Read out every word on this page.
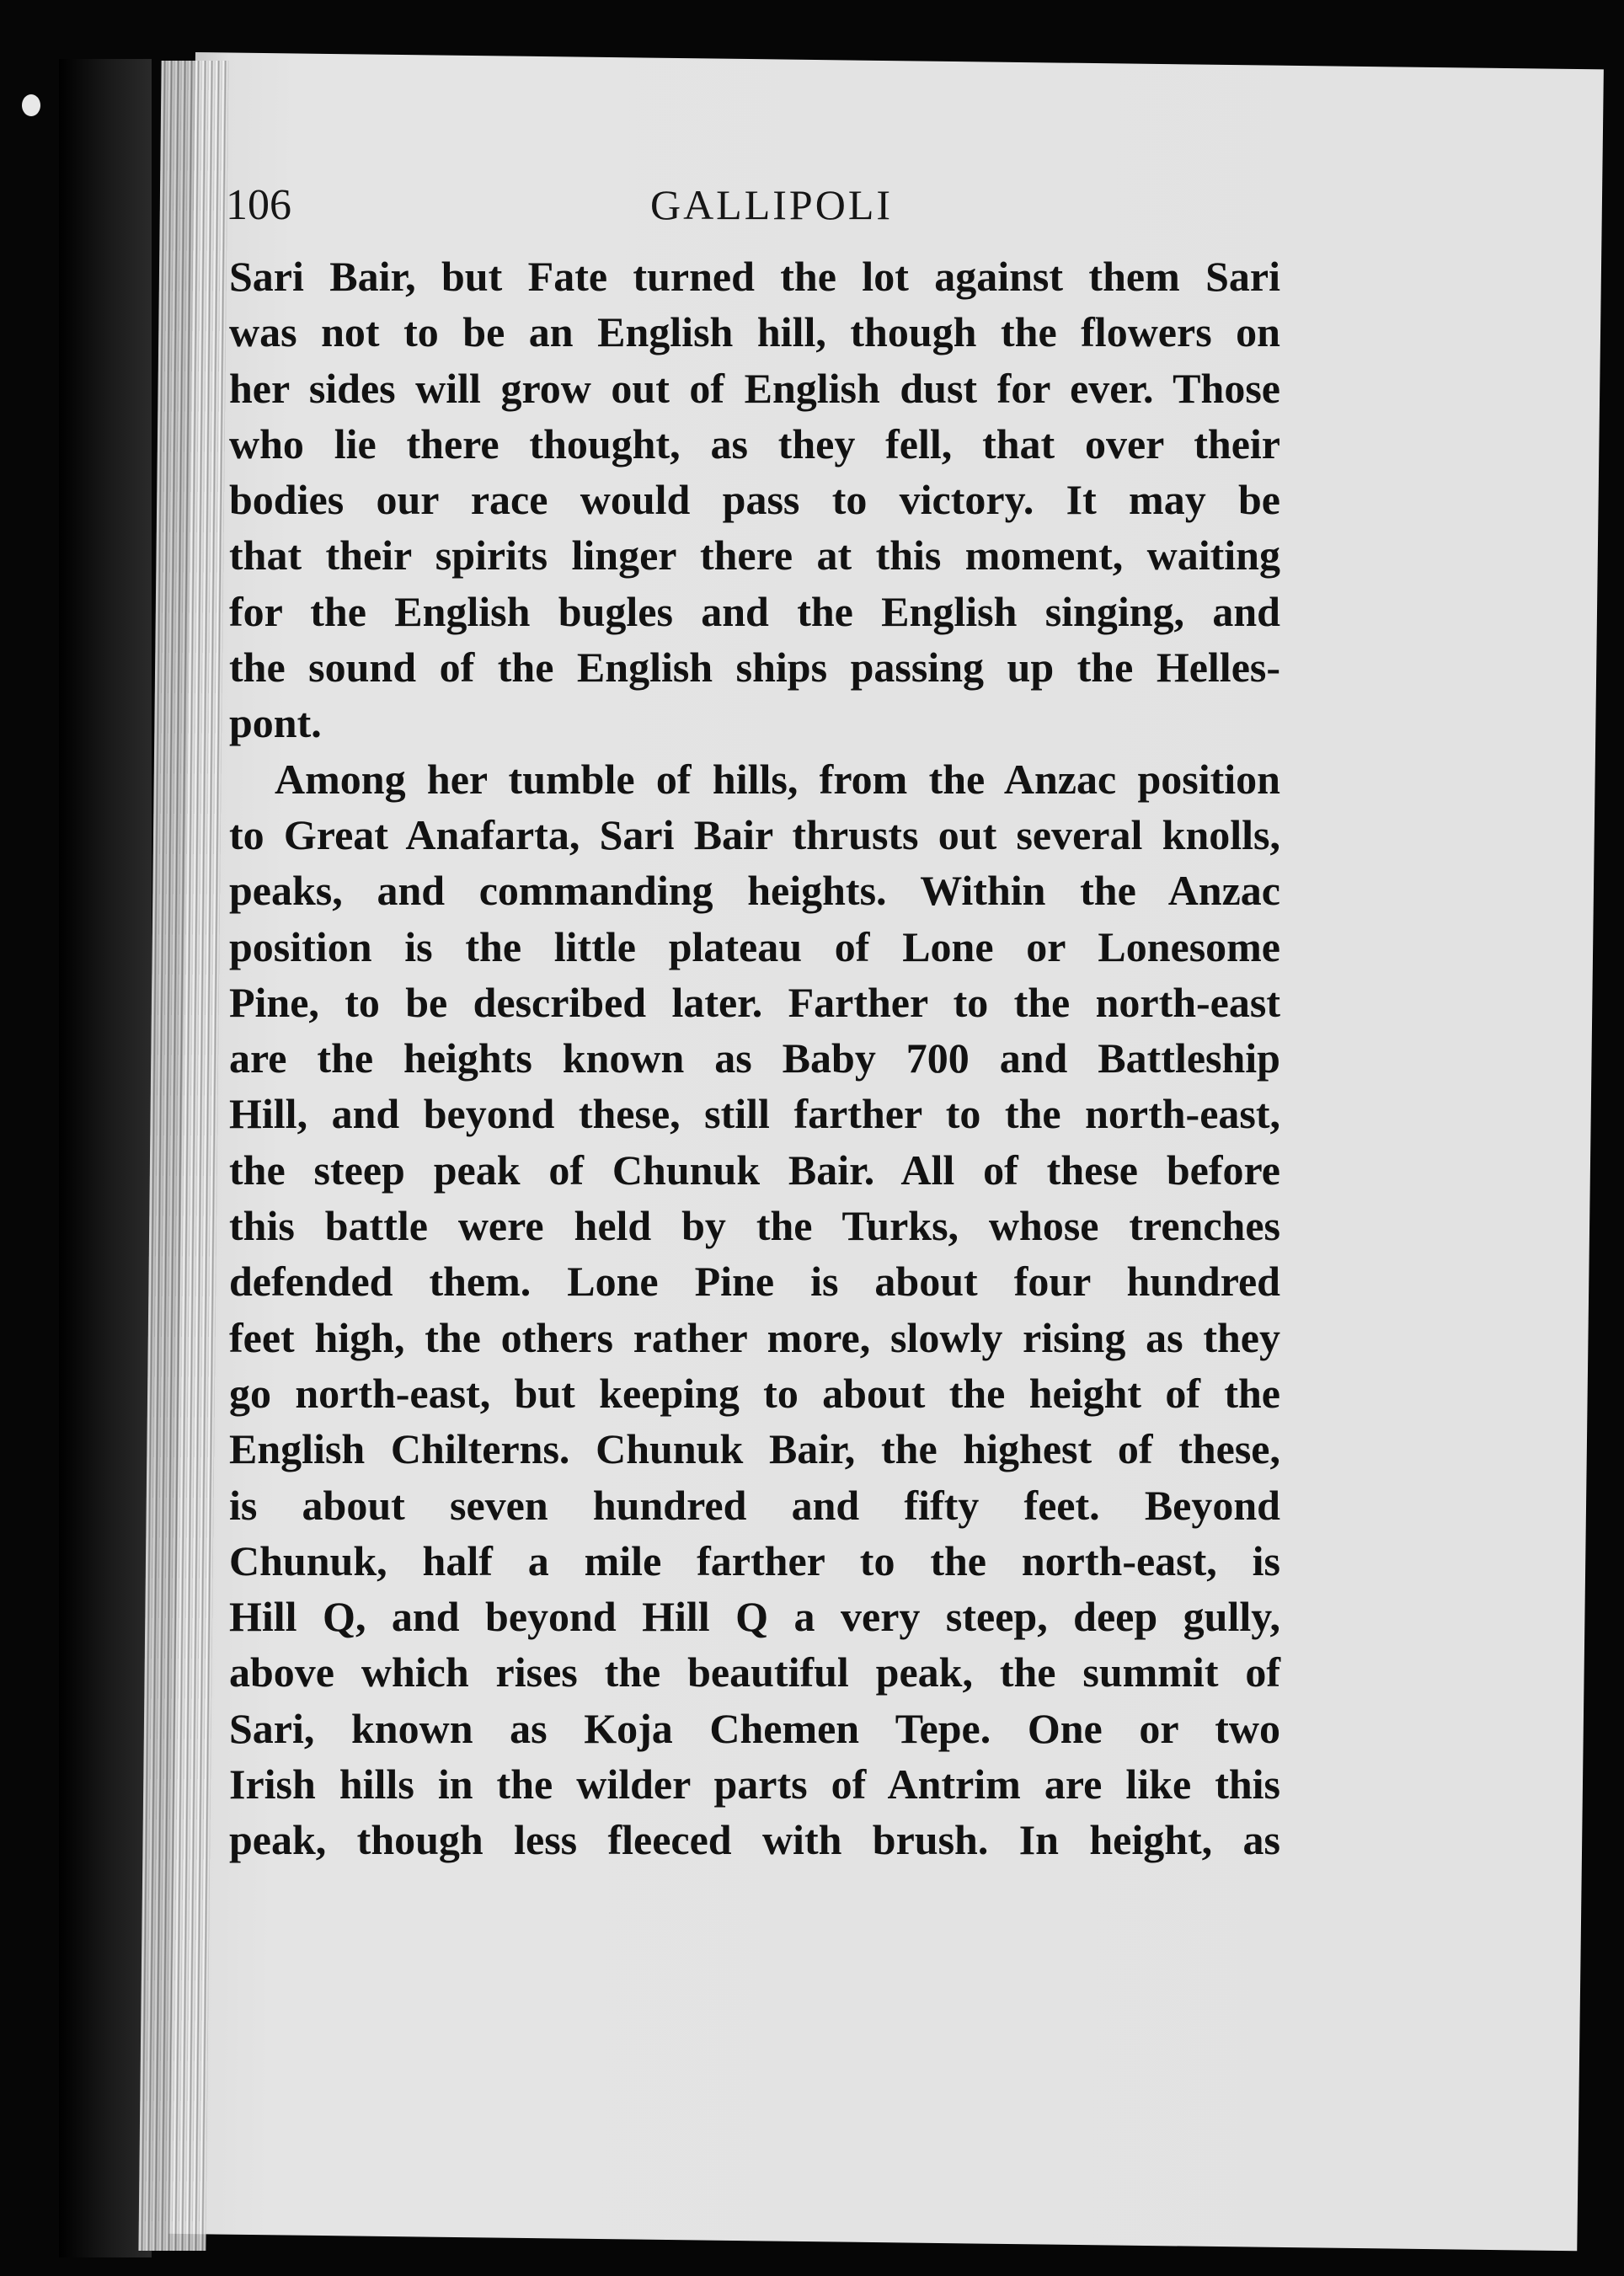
106	GALLIPOLI
Sari Bair, but Fate turned the lot against them Sari
was not to be an English hill, though the flowers on
her sides will grow out of English dust for ever. Those
who lie there thought, as they fell, that over their
bodies our race would pass to victory. It may be
that their spirits linger there at this moment, waiting
for the English bugles and the English singing, and
the sound of the English ships passing up the Helles-
pont.
Among her tumble of hills, from the Anzac position
to Great Anafarta, Sari Bair thrusts out several knolls,
peaks, and commanding heights. Within the Anzac
position is the little plateau of Lone or Lonesome
Pine, to be described later. Farther to the north-east
are the heights known as Baby 700 and Battleship
Hill, and beyond these, still farther to the north-east,
the steep peak of Chunuk Bair. All of these before
this battle were held by the Turks, whose trenches
defended them. Lone Pine is about four hundred
feet high, the others rather more, slowly rising as they
go north-east, but keeping to about the height of the
English Chilterns. Chunuk Bair, the highest of these,
is about seven hundred and fifty feet. Beyond
Chunuk, half a mile farther to the north-east, is
Hill Q, and beyond Hill Q a very steep, deep gully,
above which rises the beautiful peak, the summit of
Sari, known as Koja Chemen Tepe. One or two
Irish hills in the wilder parts of Antrim are like this
peak, though less fleeced with brush. In height, as
